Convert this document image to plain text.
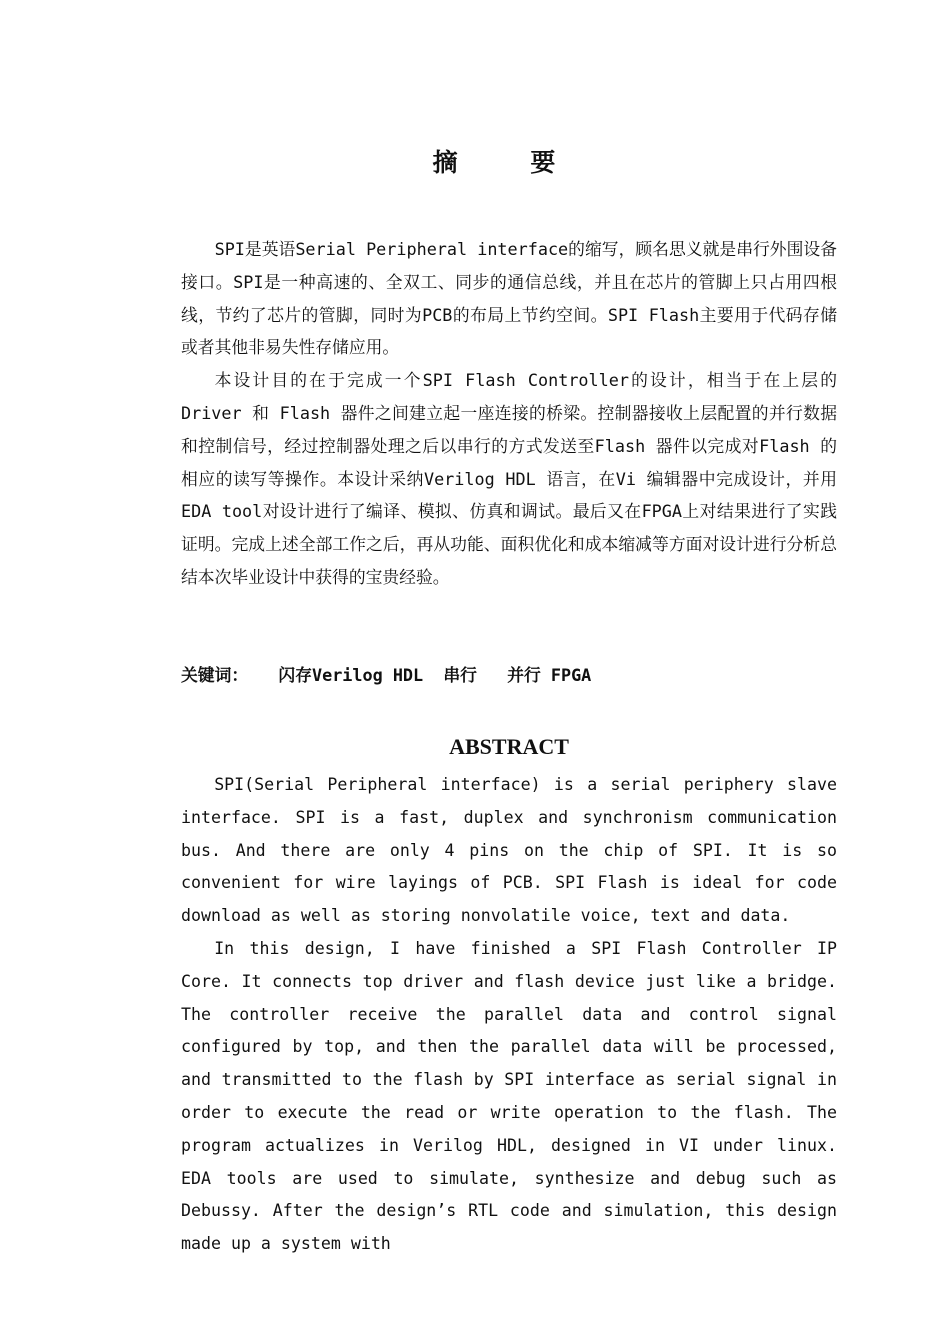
摘 要

SPI是英语Serial Peripheral interface的缩写，顾名思义就是串行外围设备接口。SPI是一种高速的、全双工、同步的通信总线，并且在芯片的管脚上只占用四根线，节约了芯片的管脚，同时为PCB的布局上节约空间。SPI Flash主要用于代码存储或者其他非易失性存储应用。

本设计目的在于完成一个SPI Flash Controller的设计，相当于在上层的Driver 和 Flash 器件之间建立起一座连接的桥梁。控制器接收上层配置的并行数据和控制信号，经过控制器处理之后以串行的方式发送至Flash 器件以完成对Flash 的相应的读写等操作。本设计采纳Verilog HDL 语言，在Vi 编辑器中完成设计，并用EDA tool对设计进行了编译、模拟、仿真和调试。最后又在FPGA上对结果进行了实践证明。完成上述全部工作之后，再从功能、面积优化和成本缩减等方面对设计进行分析总结本次毕业设计中获得的宝贵经验。

关键词：   闪存Verilog HDL  串行   并行 FPGA
ABSTRACT

SPI(Serial Peripheral interface) is a serial periphery slave interface. SPI is a fast, duplex and synchronism communication bus. And there are only 4 pins on the chip of SPI. It is so convenient for wire layings of PCB. SPI Flash is ideal for code download as well as storing nonvolatile voice, text and data.

In this design, I have finished a SPI Flash Controller IP Core. It connects top driver and flash device just like a bridge. The controller receive the parallel data and control signal configured by top, and then the parallel data will be processed, and transmitted to the flash by SPI interface as serial signal in order to execute the read or write operation to the flash. The program actualizes in Verilog HDL, designed in VI under linux. EDA tools are used to simulate, synthesize and debug such as Debussy. After the design’s RTL code and simulation, this design made up a system with
